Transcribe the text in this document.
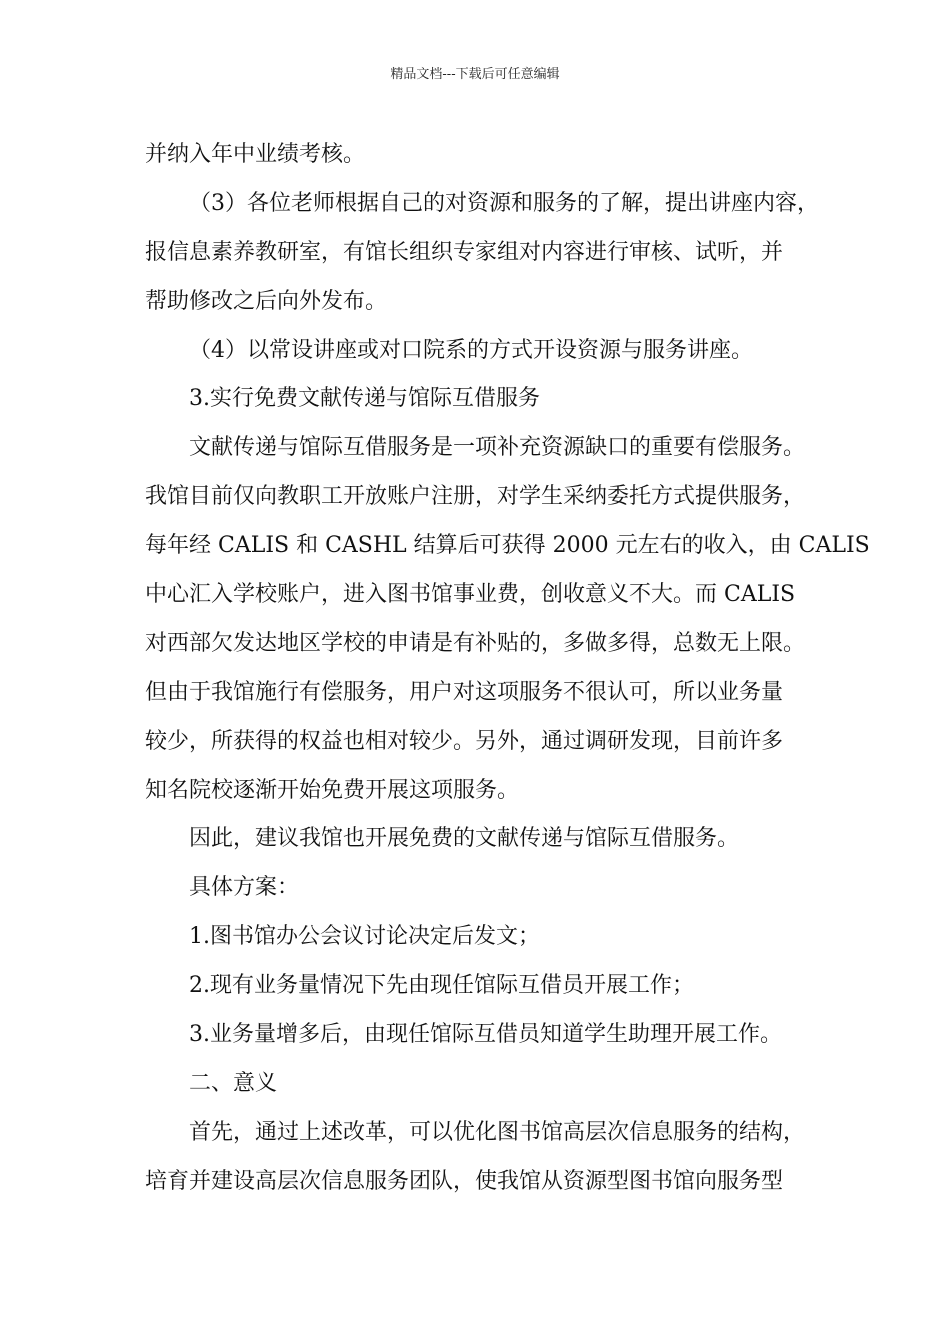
精品文档---下载后可任意编辑
并纳入年中业绩考核。
（3）各位老师根据自己的对资源和服务的了解，提出讲座内容，
报信息素养教研室，有馆长组织专家组对内容进行审核、试听，并
帮助修改之后向外发布。
（4）以常设讲座或对口院系的方式开设资源与服务讲座。
3.实行免费文献传递与馆际互借服务
文献传递与馆际互借服务是一项补充资源缺口的重要有偿服务。
我馆目前仅向教职工开放账户注册，对学生采纳委托方式提供服务，
每年经 CALIS 和 CASHL 结算后可获得 2000 元左右的收入，由 CALIS
中心汇入学校账户，进入图书馆事业费，创收意义不大。而 CALIS
对西部欠发达地区学校的申请是有补贴的，多做多得，总数无上限。
但由于我馆施行有偿服务，用户对这项服务不很认可，所以业务量
较少，所获得的权益也相对较少。另外，通过调研发现，目前许多
知名院校逐渐开始免费开展这项服务。
因此，建议我馆也开展免费的文献传递与馆际互借服务。
具体方案：
1.图书馆办公会议讨论决定后发文；
2.现有业务量情况下先由现任馆际互借员开展工作；
3.业务量增多后，由现任馆际互借员知道学生助理开展工作。
二、意义
首先，通过上述改革，可以优化图书馆高层次信息服务的结构，
培育并建设高层次信息服务团队，使我馆从资源型图书馆向服务型
